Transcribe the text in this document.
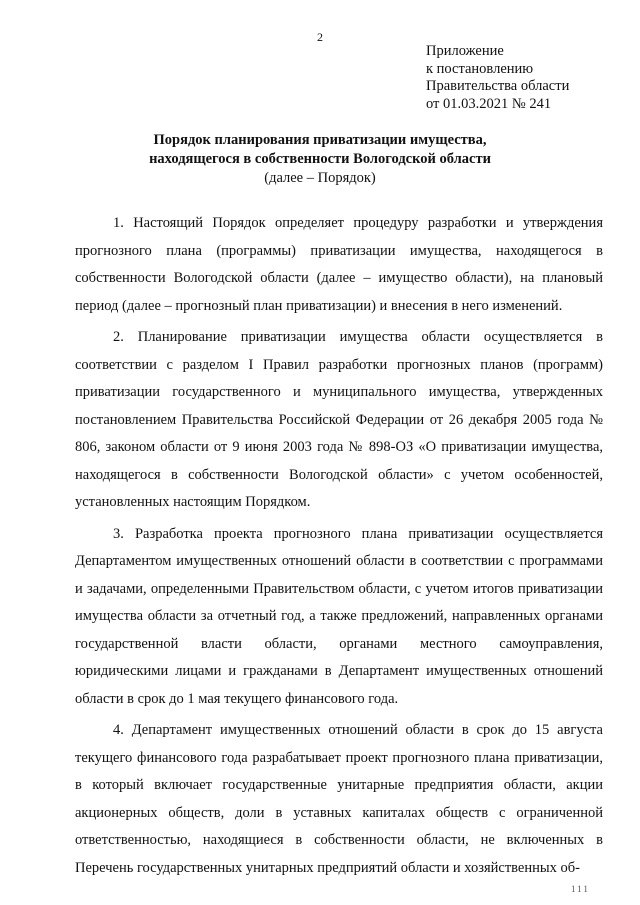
2
Приложение
к постановлению
Правительства области
от 01.03.2021 № 241
Порядок планирования приватизации имущества,
находящегося в собственности Вологодской области
(далее – Порядок)

1. Настоящий Порядок определяет процедуру разработки и утверждения прогнозного плана (программы) приватизации имущества, находящегося в собственности Вологодской области (далее – имущество области), на плановый период (далее – прогнозный план приватизации) и внесения в него изменений.

2. Планирование приватизации имущества области осуществляется в соответствии с разделом I Правил разработки прогнозных планов (программ) приватизации государственного и муниципального имущества, утвержденных постановлением Правительства Российской Федерации от 26 декабря 2005 года № 806, законом области от 9 июня 2003 года № 898-ОЗ «О приватизации имущества, находящегося в собственности Вологодской области» с учетом особенностей, установленных настоящим Порядком.

3. Разработка проекта прогнозного плана приватизации осуществляется Департаментом имущественных отношений области в соответствии с программами и задачами, определенными Правительством области, с учетом итогов приватизации имущества области за отчетный год, а также предложений, направленных органами государственной власти области, органами местного самоуправления, юридическими лицами и гражданами в Департамент имущественных отношений области в срок до 1 мая текущего финансового года.

4. Департамент имущественных отношений области в срок до 15 августа текущего финансового года разрабатывает проект прогнозного плана приватизации, в который включает государственные унитарные предприятия области, акции акционерных обществ, доли в уставных капиталах обществ с ограниченной ответственностью, находящиеся в собственности области, не включенных в Перечень государственных унитарных предприятий области и хозяйственных об-

111
